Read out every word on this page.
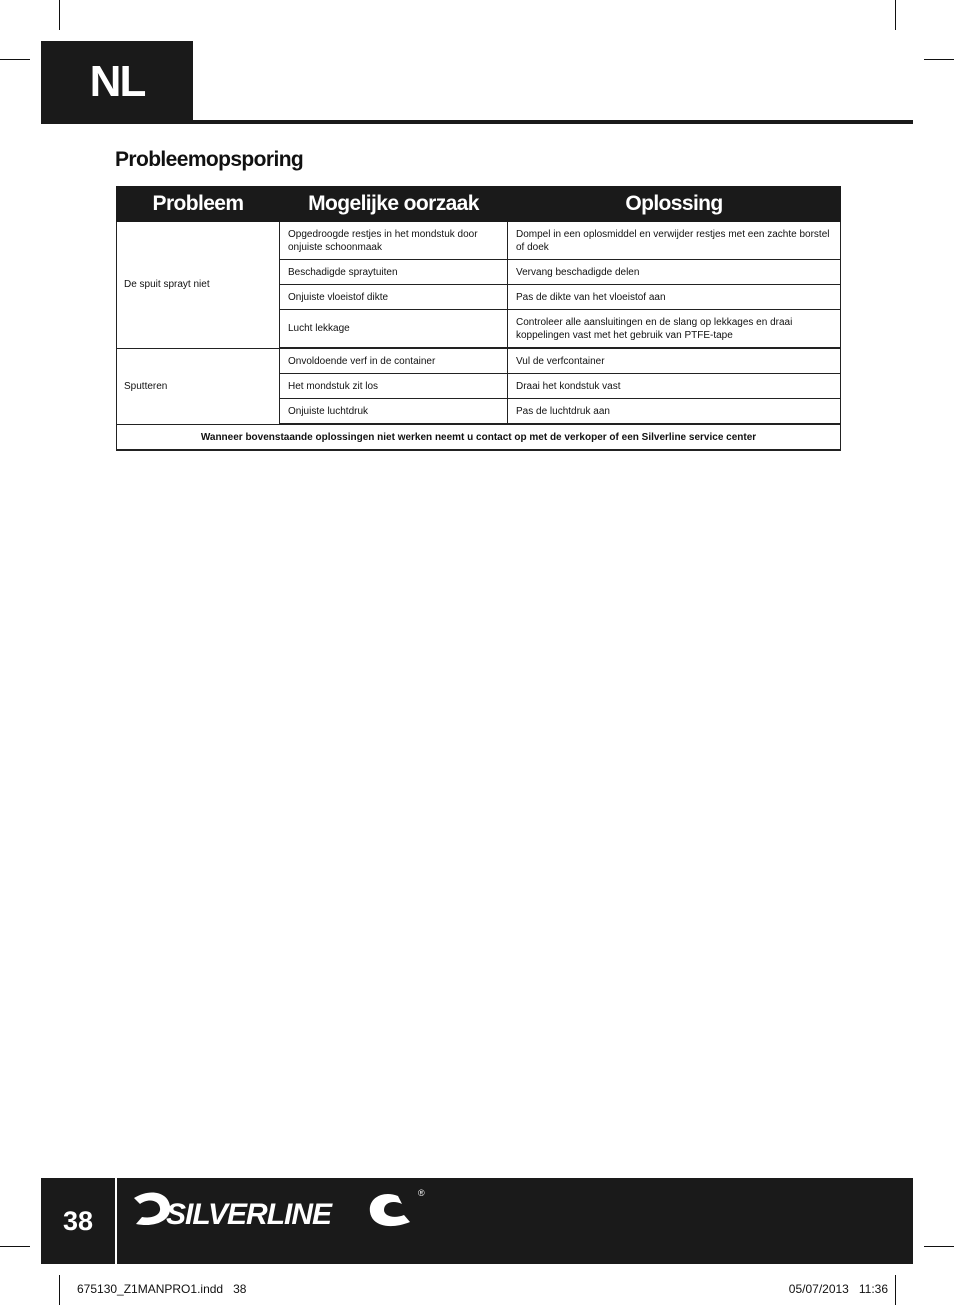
NL
Probleemopsporing
Probleem	Mogelijke oorzaak	Oplossing
De spuit sprayt niet	Opgedroogde restjes in het mondstuk door onjuiste schoonmaak	Dompel in een oplosmiddel en verwijder restjes met een zachte borstel of doek
	Beschadigde spraytuiten	Vervang beschadigde delen
	Onjuiste vloeistof dikte	Pas de dikte van het vloeistof aan
	Lucht lekkage	Controleer alle aansluitingen en de slang op lekkages en draai koppelingen vast met het gebruik van PTFE-tape
Sputteren	Onvoldoende verf in de container	Vul de verfcontainer
	Het mondstuk zit los	Draai het kondstuk vast
	Onjuiste luchtdruk	Pas de luchtdruk aan
Wanneer bovenstaande oplossingen niet werken neemt u contact op met de verkoper of een Silverline service center		
38	SILVERLINE
®
675130_Z1MANPRO1.indd   38	05/07/2013   11:36
